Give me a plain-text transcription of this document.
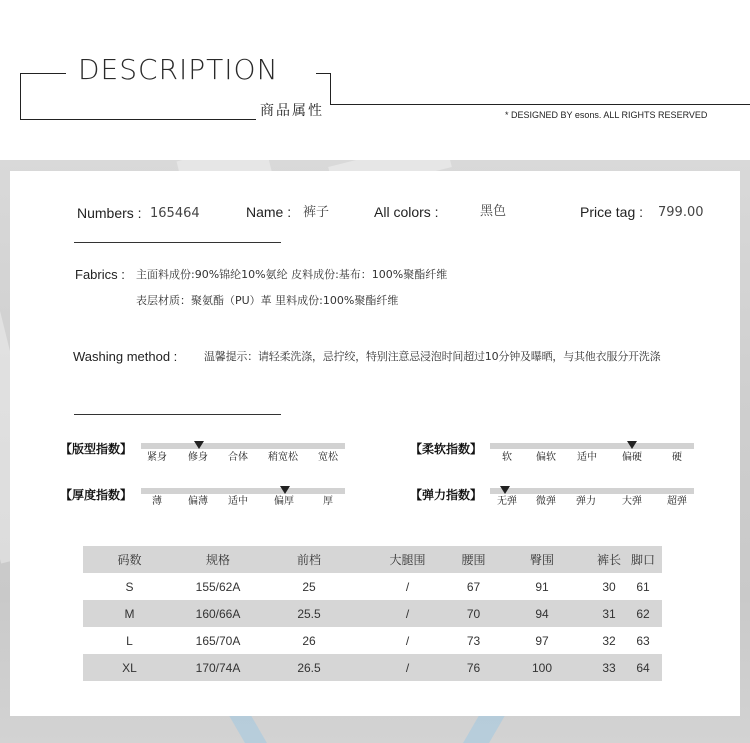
DESCRIPTION
商品属性	* DESIGNED BY esons. ALL RIGHTS RESERVED
Numbers : 165464	Name : 裤子	All colors :	黑色	Price tag : 799.00
Fabrics : 主面料成份:90%锦纶10%氨纶 皮料成份:基布：100%聚酯纤维
表层材质：聚氨酯（PU）革 里料成份:100%聚酯纤维
Washing method : 温馨提示：请轻柔洗涤，忌拧绞，特别注意忌浸泡时间超过10分钟及曝晒，与其他衣服分开洗涤
【版型指数】
紧身 修身 合体 稍宽松 宽松
【厚度指数】 薄	偏薄 适中	偏厚	厚
【柔软指数】
软 偏软 适中	偏硬	硬
【弹力指数】 无弹 微弹 弹力	大弹	超弹
码数	规格	前档	大腿围	腰围	臀围	裤长	脚口
S	155/62A	25	/	67	91	30	61
M	160/66A	25.5	/	70	94	31	62
L	165/70A	26	/	73	97	32	63
XL	170/74A	26.5	/	76	100	33	64
